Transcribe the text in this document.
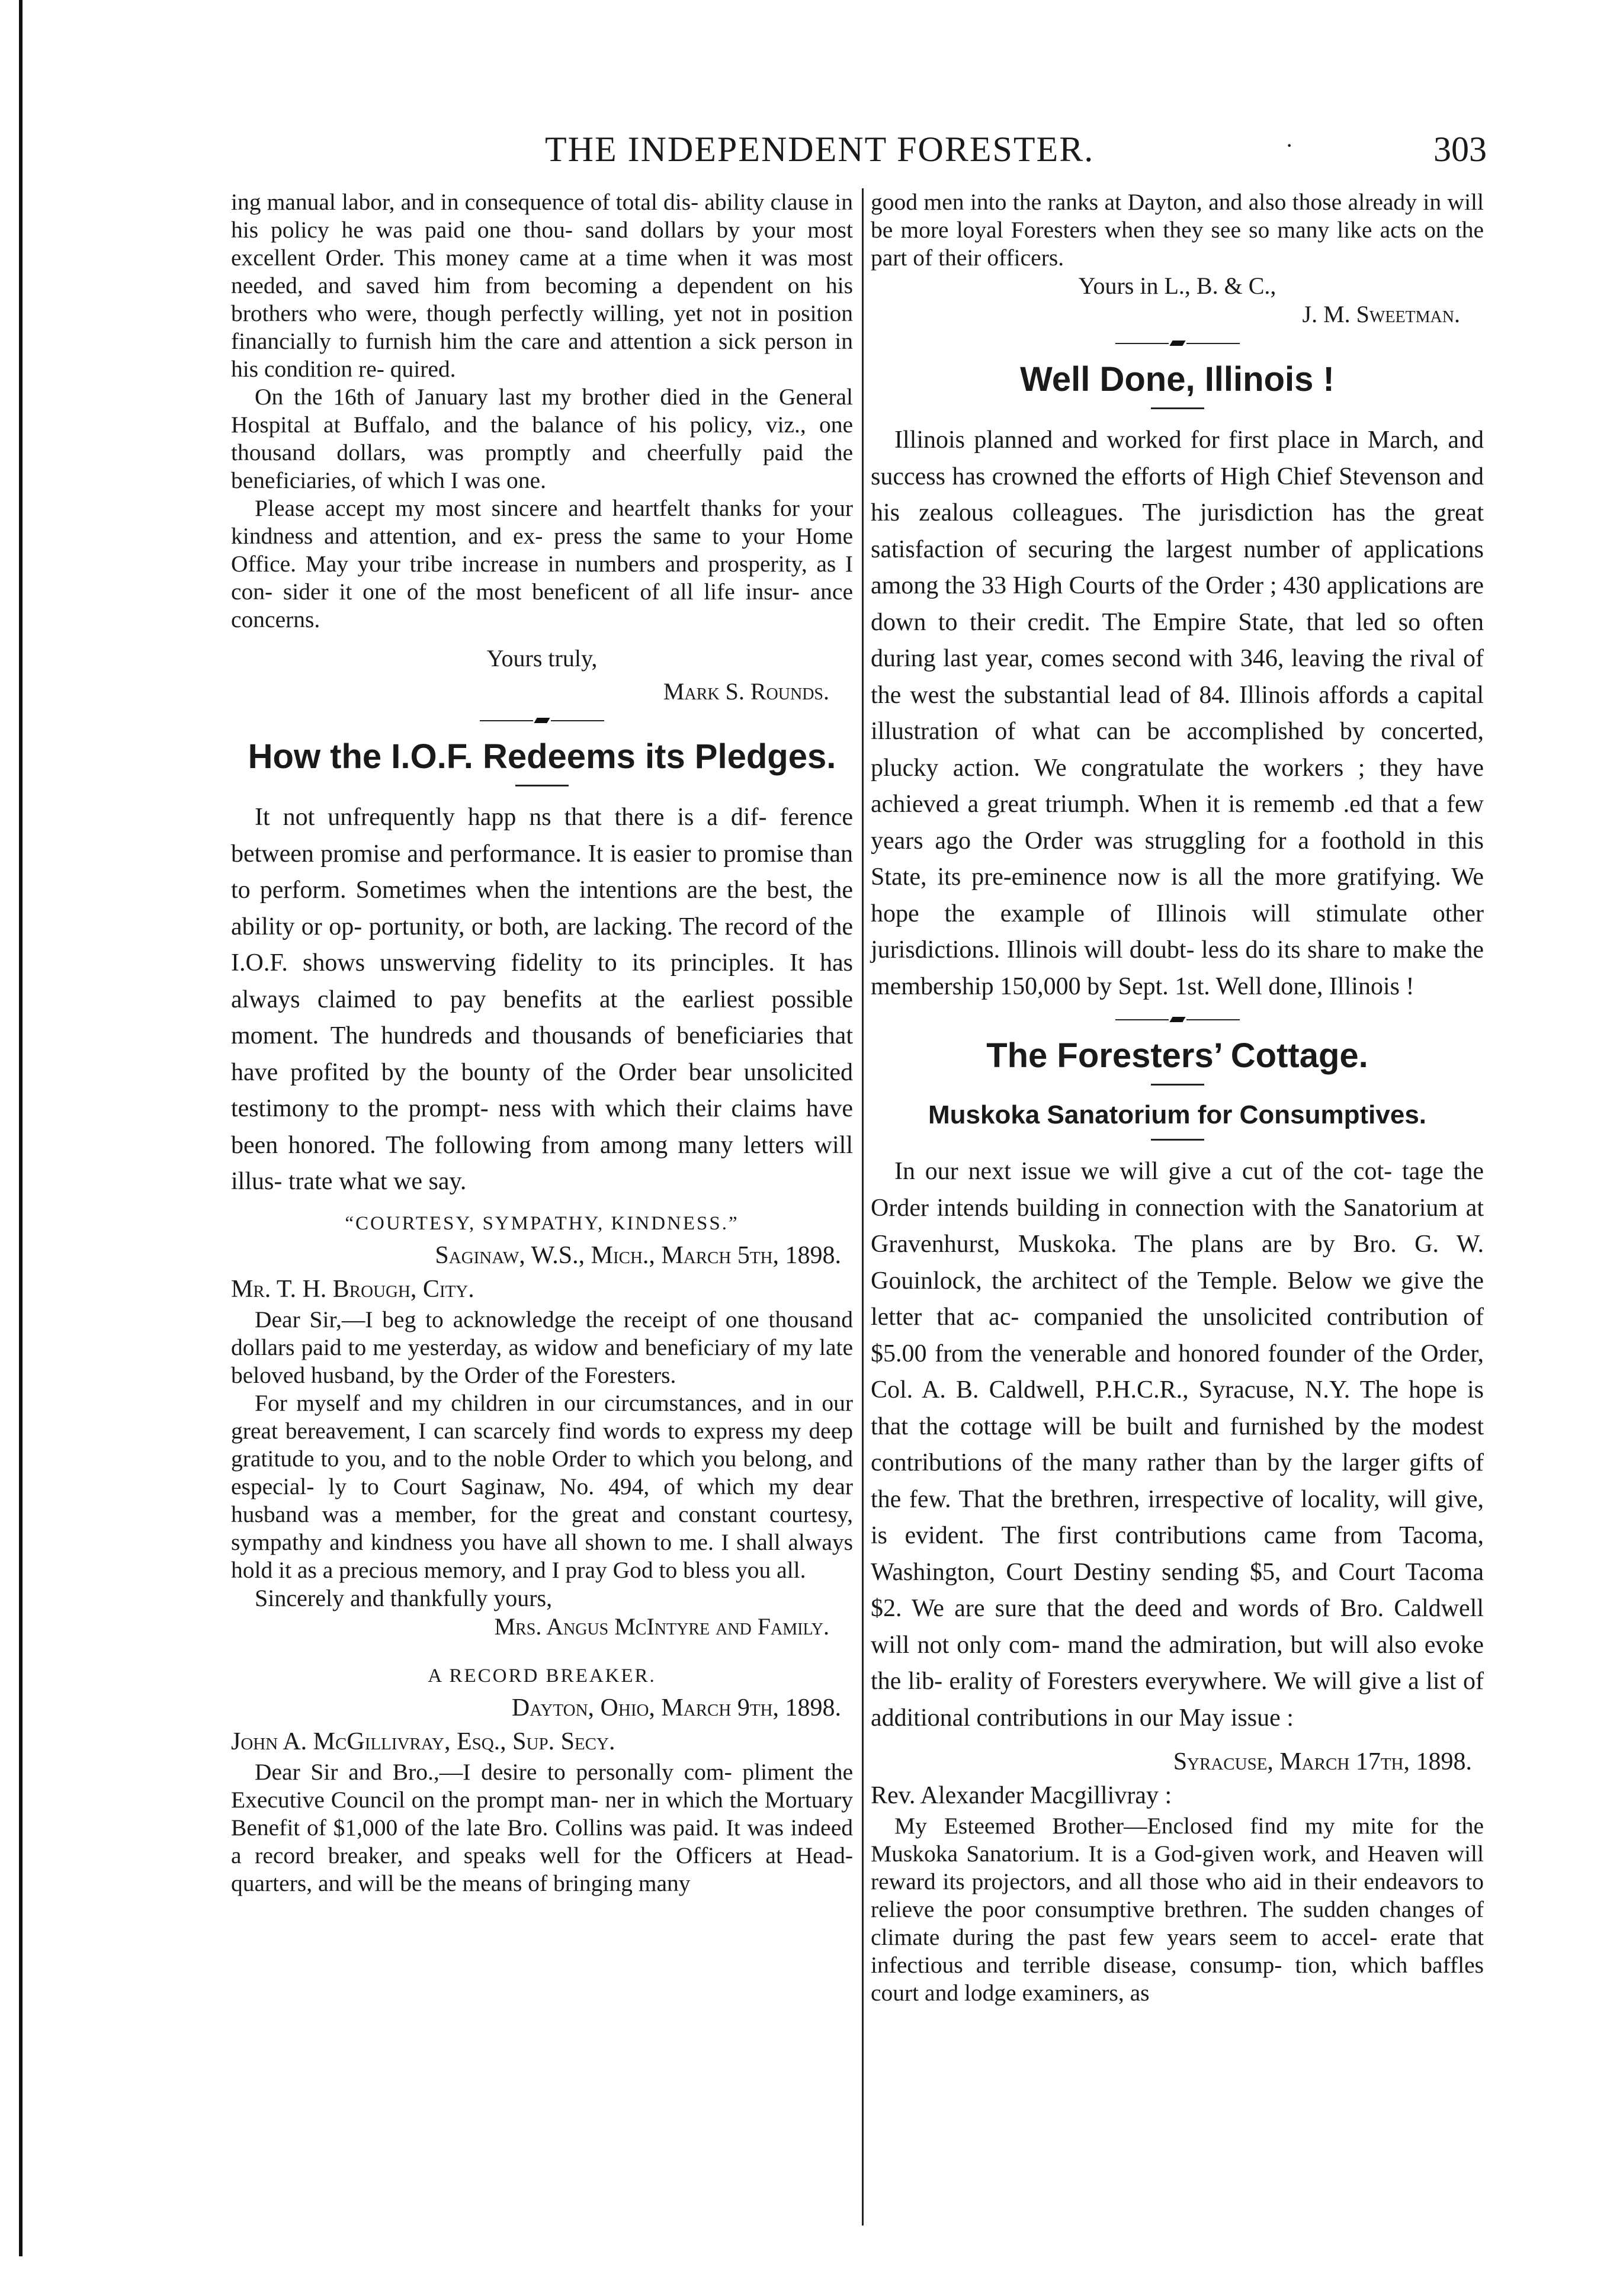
THE INDEPENDENT FORESTER.	·	303

ing manual labor, and in consequence of total dis- ability clause in his policy he was paid one thou- sand dollars by your most excellent Order. This money came at a time when it was most needed, and saved him from becoming a dependent on his brothers who were, though perfectly willing, yet not in position financially to furnish him the care and attention a sick person in his condition re- quired.

On the 16th of January last my brother died in the General Hospital at Buffalo, and the balance of his policy, viz., one thousand dollars, was promptly and cheerfully paid the beneficiaries, of which I was one.

Please accept my most sincere and heartfelt thanks for your kindness and attention, and ex- press the same to your Home Office. May your tribe increase in numbers and prosperity, as I con- sider it one of the most beneficent of all life insur- ance concerns.

Yours truly,

Mark S. Rounds.

How the I.O.F. Redeems its Pledges.

It not unfrequently happ ns that there is a dif- ference between promise and performance. It is easier to promise than to perform. Sometimes when the intentions are the best, the ability or op- portunity, or both, are lacking. The record of the I.O.F. shows unswerving fidelity to its principles. It has always claimed to pay benefits at the earliest possible moment. The hundreds and thousands of beneficiaries that have profited by the bounty of the Order bear unsolicited testimony to the prompt- ness with which their claims have been honored. The following from among many letters will illus- trate what we say.

“COURTESY, SYMPATHY, KINDNESS.”

Saginaw, W.S., Mich., March 5th, 1898.

Mr. T. H. Brough, City.

Dear Sir,—I beg to acknowledge the receipt of one thousand dollars paid to me yesterday, as widow and beneficiary of my late beloved husband, by the Order of the Foresters.

For myself and my children in our circumstances, and in our great bereavement, I can scarcely find words to express my deep gratitude to you, and to the noble Order to which you belong, and especial- ly to Court Saginaw, No. 494, of which my dear husband was a member, for the great and constant courtesy, sympathy and kindness you have all shown to me. I shall always hold it as a precious memory, and I pray God to bless you all.

Sincerely and thankfully yours,

Mrs. Angus McIntyre and Family.

A RECORD BREAKER.

Dayton, Ohio, March 9th, 1898.

John A. McGillivray, Esq., Sup. Secy.

Dear Sir and Bro.,—I desire to personally com- pliment the Executive Council on the prompt man- ner in which the Mortuary Benefit of $1,000 of the late Bro. Collins was paid. It was indeed a record breaker, and speaks well for the Officers at Head- quarters, and will be the means of bringing many

good men into the ranks at Dayton, and also those already in will be more loyal Foresters when they see so many like acts on the part of their officers.

Yours in L., B. & C.,

J. M. Sweetman.

Well Done, Illinois !

Illinois planned and worked for first place in March, and success has crowned the efforts of High Chief Stevenson and his zealous colleagues. The jurisdiction has the great satisfaction of securing the largest number of applications among the 33 High Courts of the Order ; 430 applications are down to their credit. The Empire State, that led so often during last year, comes second with 346, leaving the rival of the west the substantial lead of 84. Illinois affords a capital illustration of what can be accomplished by concerted, plucky action. We congratulate the workers ; they have achieved a great triumph. When it is rememb .ed that a few years ago the Order was struggling for a foothold in this State, its pre-eminence now is all the more gratifying. We hope the example of Illinois will stimulate other jurisdictions. Illinois will doubt- less do its share to make the membership 150,000 by Sept. 1st. Well done, Illinois !

The Foresters’ Cottage.
Muskoka Sanatorium for Consumptives.

In our next issue we will give a cut of the cot- tage the Order intends building in connection with the Sanatorium at Gravenhurst, Muskoka. The plans are by Bro. G. W. Gouinlock, the architect of the Temple. Below we give the letter that ac- companied the unsolicited contribution of $5.00 from the venerable and honored founder of the Order, Col. A. B. Caldwell, P.H.C.R., Syracuse, N.Y. The hope is that the cottage will be built and furnished by the modest contributions of the many rather than by the larger gifts of the few. That the brethren, irrespective of locality, will give, is evident. The first contributions came from Tacoma, Washington, Court Destiny sending $5, and Court Tacoma $2. We are sure that the deed and words of Bro. Caldwell will not only com- mand the admiration, but will also evoke the lib- erality of Foresters everywhere. We will give a list of additional contributions in our May issue :

Syracuse, March 17th, 1898.

Rev. Alexander Macgillivray :

My Esteemed Brother—Enclosed find my mite for the Muskoka Sanatorium. It is a God-given work, and Heaven will reward its projectors, and all those who aid in their endeavors to relieve the poor consumptive brethren. The sudden changes of climate during the past few years seem to accel- erate that infectious and terrible disease, consump- tion, which baffles court and lodge examiners, as
